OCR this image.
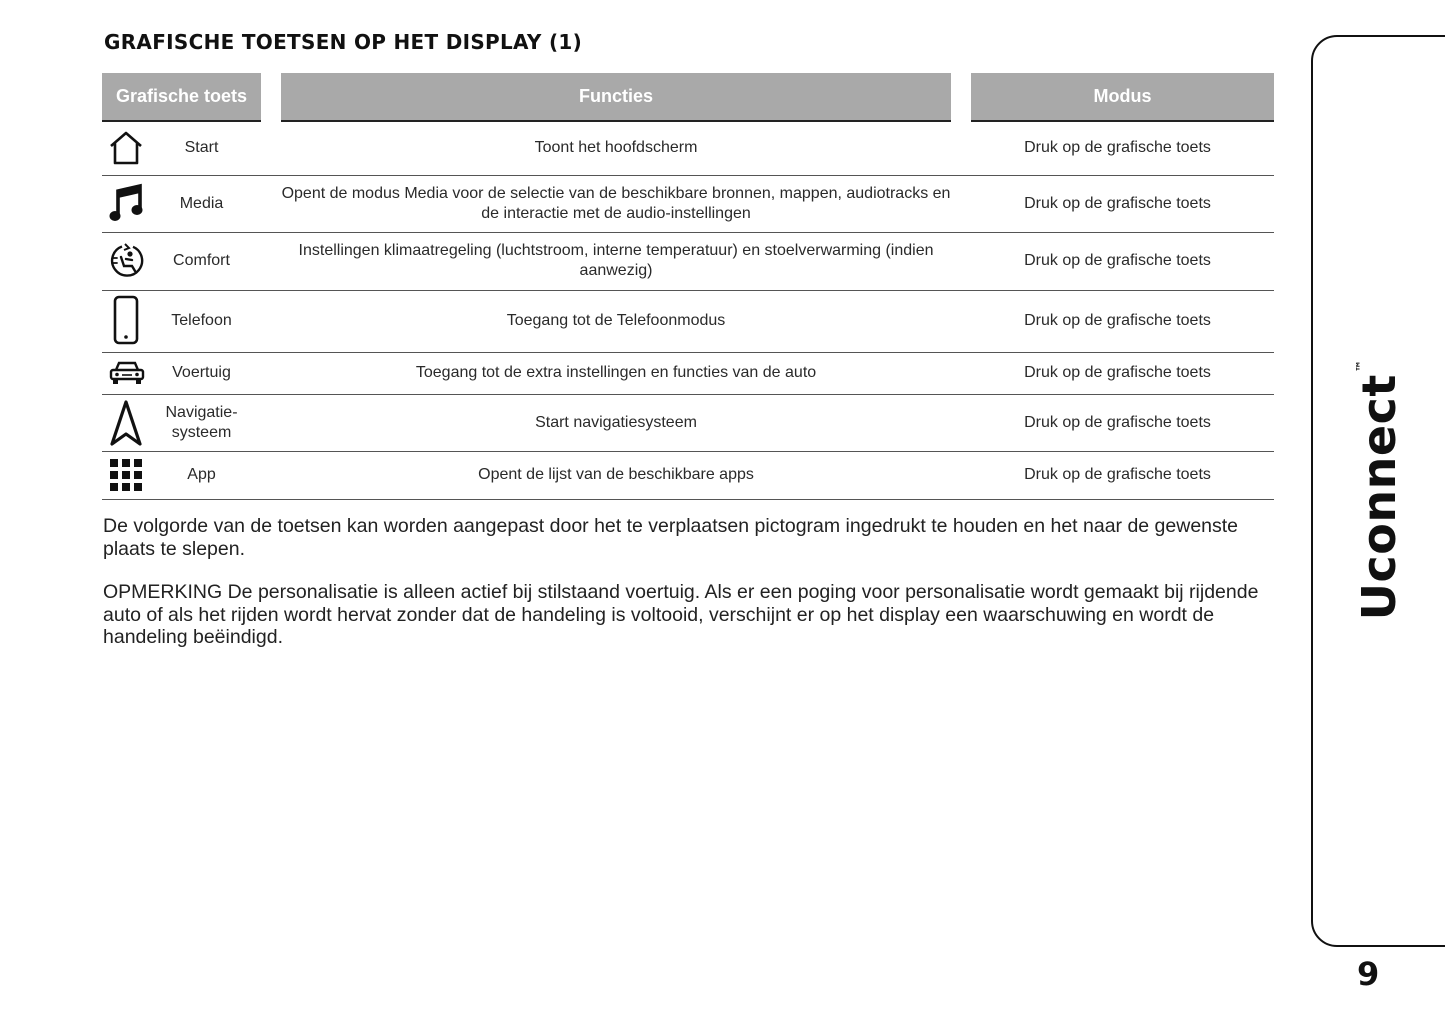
GRAFISCHE TOETSEN OP HET DISPLAY (1)
Grafische toets		Functies	Modus

	Start	Toont het hoofdscherm	Druk op de grafische toets

	Media	Opent de modus Media voor de selectie van de beschikbare bronnen, mappen, audiotracks en de interactie met de audio-instellingen	Druk op de grafische toets

	Comfort	Instellingen klimaatregeling (luchtstroom, interne temperatuur) en stoelverwarming (indien aanwezig)	Druk op de grafische toets

	Telefoon	Toegang tot de Telefoonmodus	Druk op de grafische toets

	Voertuig	Toegang tot de extra instellingen en functies van de auto	Druk op de grafische toets

	Navigatie-
systeem	Start navigatiesysteem	Druk op de grafische toets

	App	Opent de lijst van de beschikbare apps	Druk op de grafische toets

De volgorde van de toetsen kan worden aangepast door het te verplaatsen pictogram ingedrukt te houden en het naar de gewenste plaats te slepen.

OPMERKING De personalisatie is alleen actief bij stilstaand voertuig. Als er een poging voor personalisatie wordt gemaakt bij rijdende auto of als het rijden wordt hervat zonder dat de handeling is voltooid, verschijnt er op het display een waarschuwing en wordt de handeling beëindigd.

Uconnect™
9
